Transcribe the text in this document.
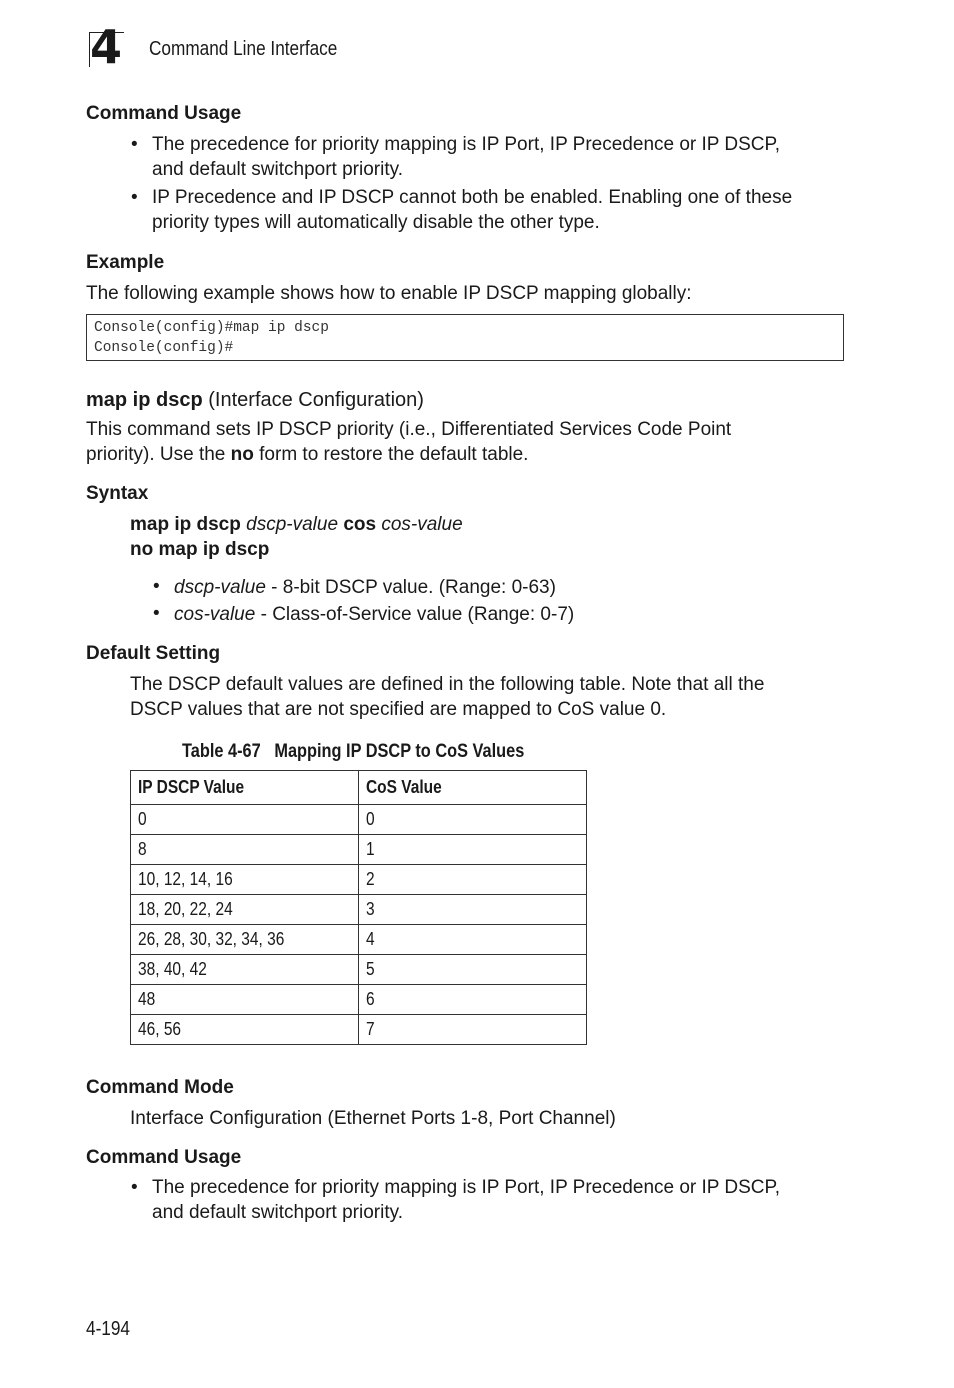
4 Command Line Interface
Command Usage
• The precedence for priority mapping is IP Port, IP Precedence or IP DSCP,
and default switchport priority.
• IP Precedence and IP DSCP cannot both be enabled. Enabling one of these
priority types will automatically disable the other type.
Example
The following example shows how to enable IP DSCP mapping globally:
Console(config)#map ip dscp
Console(config)#
map ip dscp (Interface Configuration)
This command sets IP DSCP priority (i.e., Differentiated Services Code Point
priority). Use the no form to restore the default table.
Syntax
map ip dscp dscp-value cos cos-value
no map ip dscp
• dscp-value - 8-bit DSCP value. (Range: 0-63)
• cos-value - Class-of-Service value (Range: 0-7)
Default Setting
The DSCP default values are defined in the following table. Note that all the
DSCP values that are not specified are mapped to CoS value 0.
Table 4-67   Mapping IP DSCP to CoS Values
IP DSCP Value	CoS Value
0	0
8	1
10, 12, 14, 16	2
18, 20, 22, 24	3
26, 28, 30, 32, 34, 36	4
38, 40, 42	5
48	6
46, 56	7
Command Mode
Interface Configuration (Ethernet Ports 1-8, Port Channel)
Command Usage
• The precedence for priority mapping is IP Port, IP Precedence or IP DSCP,
and default switchport priority.
4-194
